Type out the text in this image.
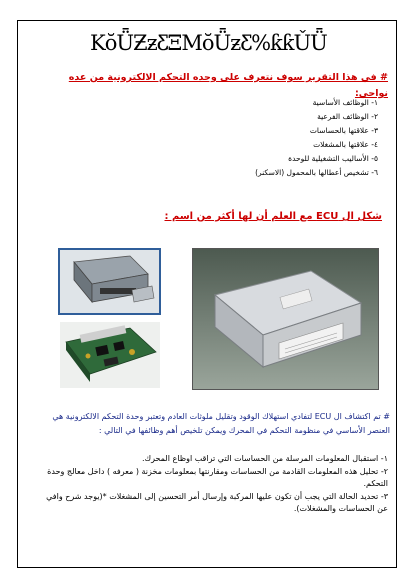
KŏǕƵƶƸΞMŏǕƶƸ%ƙƙǓǕ
# في هذا التقرير سوف نتعرف على وحده التحكم الالكترونية من عده نواحي:
١- الوظائف الأساسية
٢- الوظائف الفرعية
٣- علاقتها بالحساسات
٤- علاقتها بالمشغلات
٥- الأساليب التشغيلية للوحدة
٦- تشخيص أعطالها بالمحمول (الاسكنر)
شكل ال ECU مع العلم أن لها أكثر من اسم :
# تم اكتشاف ال ECU لتفادي استهلاك الوقود وتقليل ملوثات العادم وتعتبر وحدة التحكم الالكترونية هي العنصر الأساسي في منظومة التحكم في المحرك ويمكن تلخيص أهم وظائفها في التالي :
١- استقبال المعلومات المرسلة من الحساسات التي تراقب اوظاع المحرك.
٢- تحليل هذه المعلومات القادمة من الحساسات ومقارنتها بمعلومات مخزنة ( معرفه ) داخل معالج وحدة التحكم.
٣- تحديد الحالة التي يجب أن تكون عليها المركبة وإرسال أمر التحسين إلى المشغلات *(يوجد شرح وافي عن الحساسات والمشغلات).
